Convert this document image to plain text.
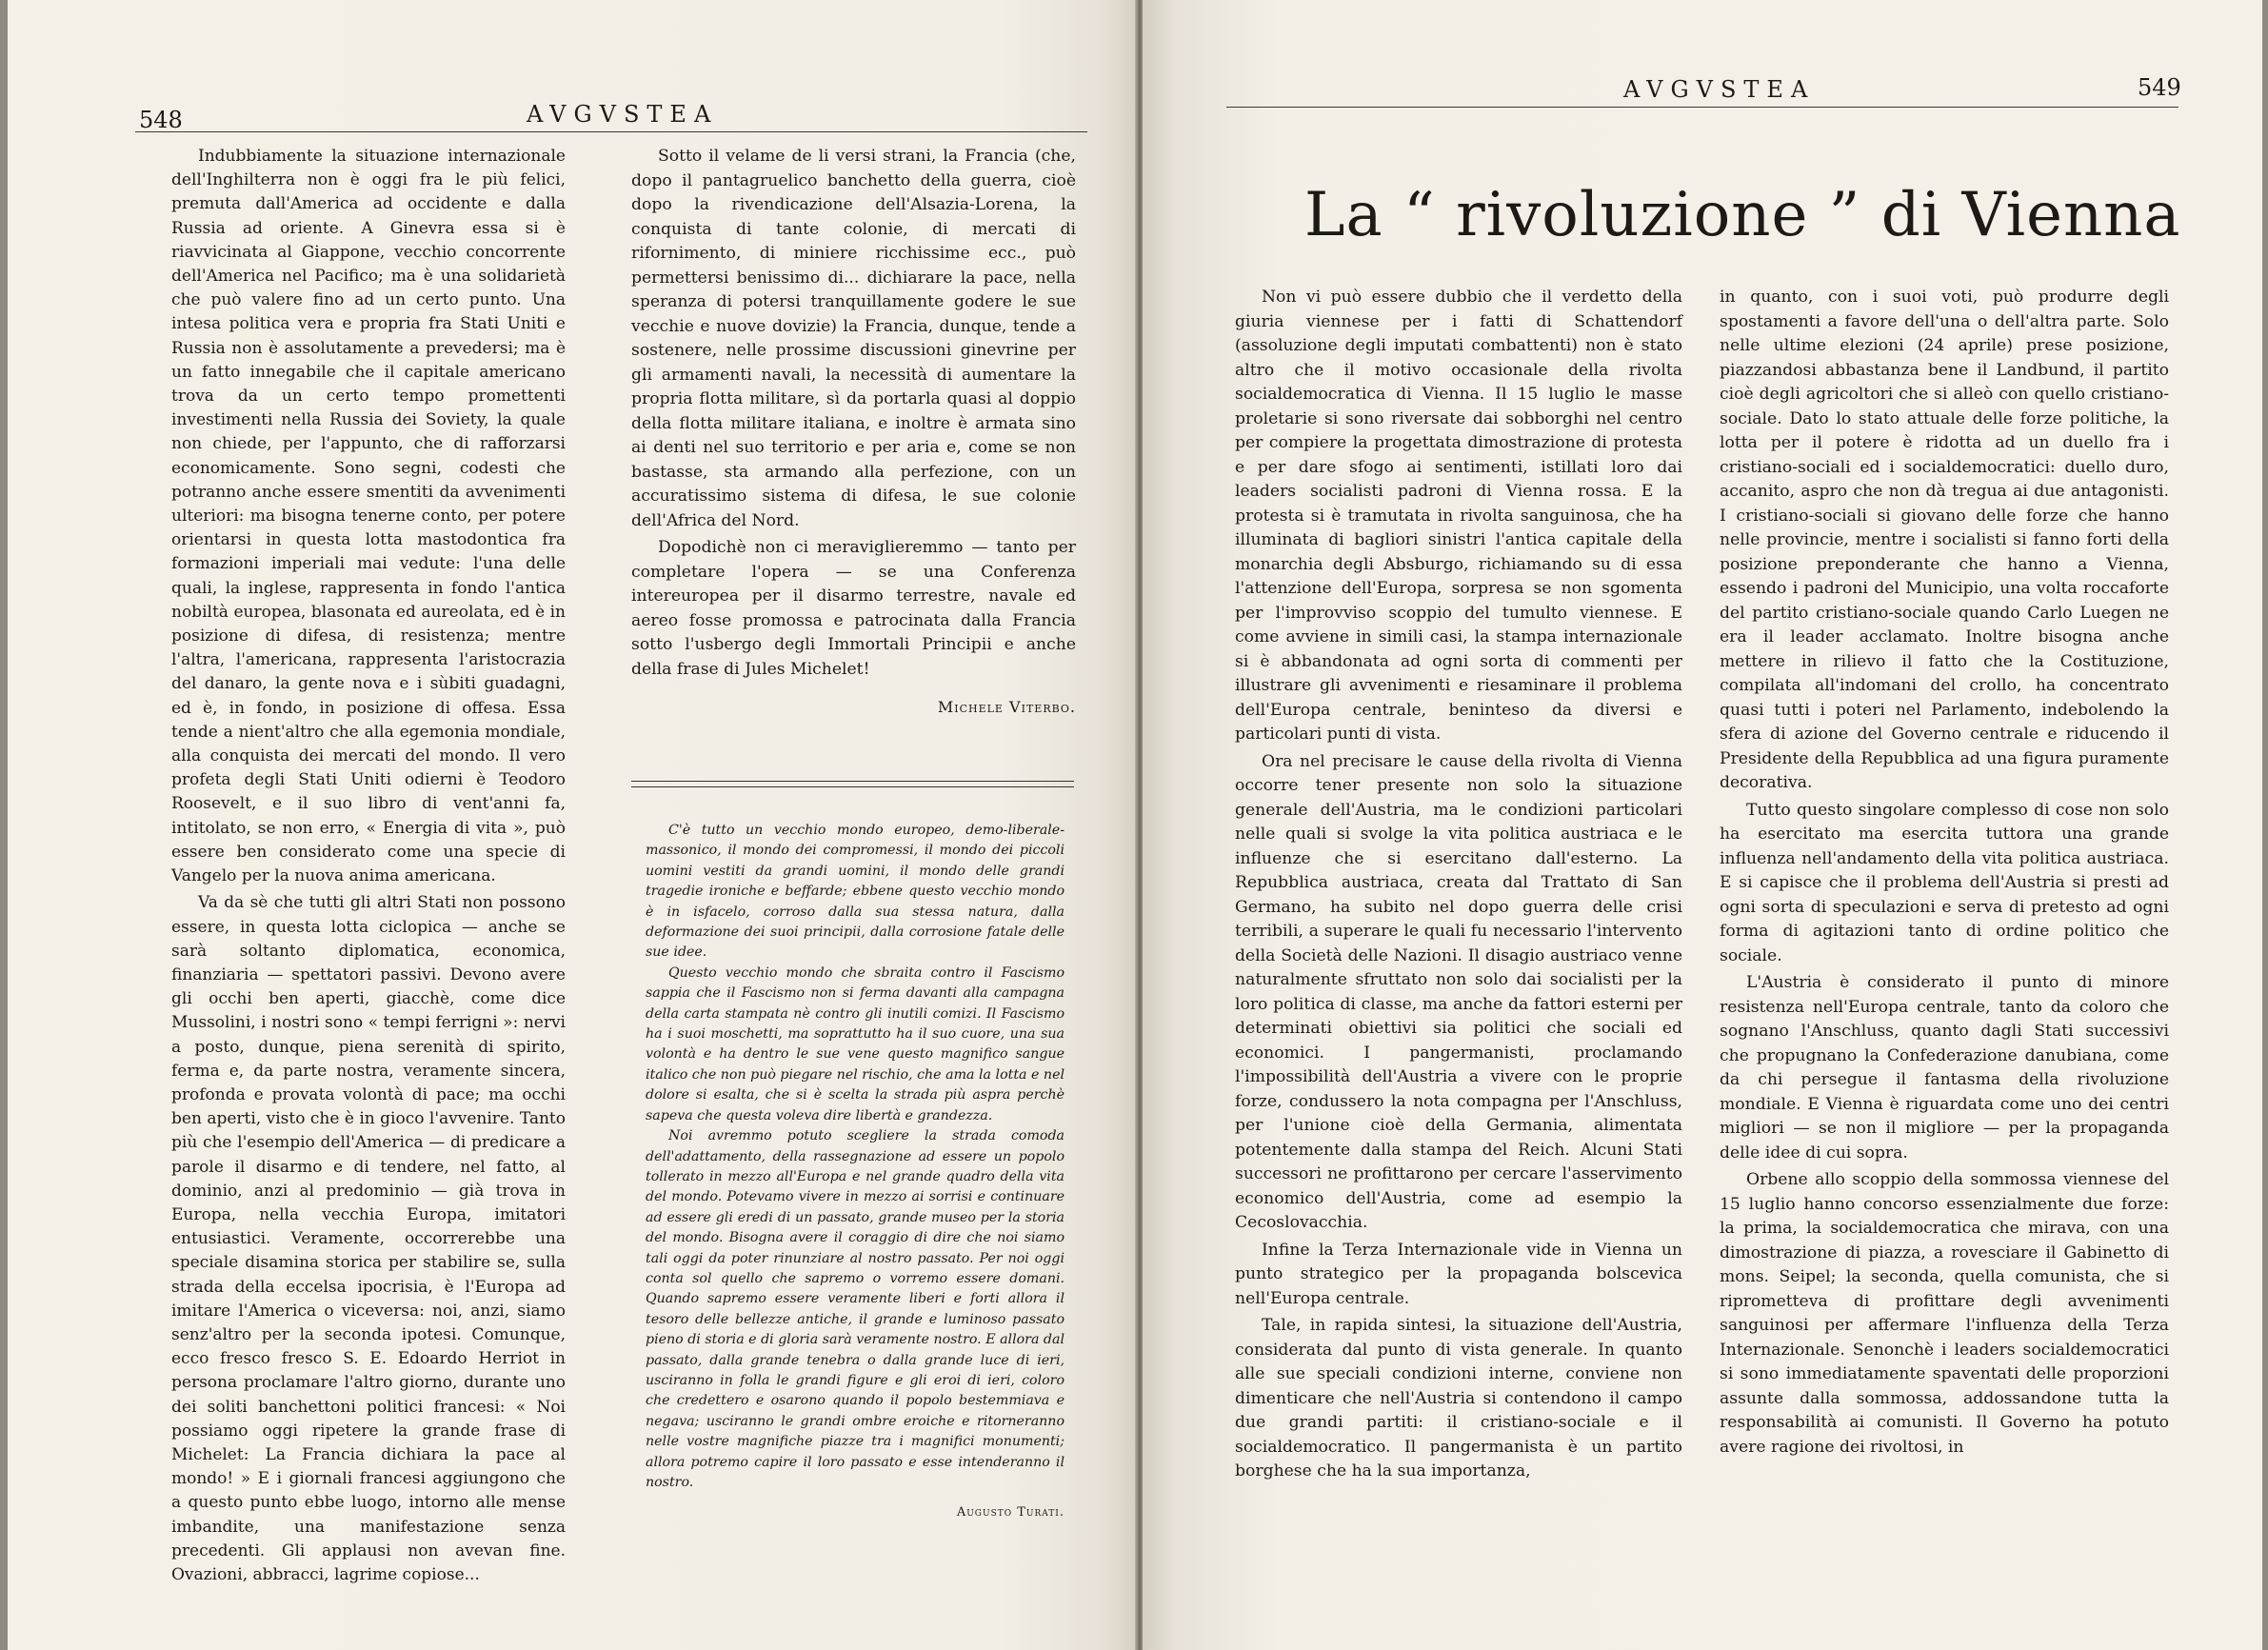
548	AVGVSTEA

Indubbiamente la situazione internazionale dell'Inghilterra non è oggi fra le più felici, premuta dall'America ad occidente e dalla Russia ad oriente. A Ginevra essa si è riavvicinata al Giappone, vecchio concorrente dell'America nel Pacifico; ma è una solidarietà che può valere fino ad un certo punto. Una intesa politica vera e propria fra Stati Uniti e Russia non è assolutamente a prevedersi; ma è un fatto innegabile che il capitale americano trova da un certo tempo promettenti investimenti nella Russia dei Soviety, la quale non chiede, per l'appunto, che di rafforzarsi economicamente. Sono segni, codesti che potranno anche essere smentiti da avvenimenti ulteriori: ma bisogna tenerne conto, per potere orientarsi in questa lotta mastodontica fra formazioni imperiali mai vedute: l'una delle quali, la inglese, rappresenta in fondo l'antica nobiltà europea, blasonata ed aureolata, ed è in posizione di difesa, di resistenza; mentre l'altra, l'americana, rappresenta l'aristocrazia del danaro, la gente nova e i sùbiti guadagni, ed è, in fondo, in posizione di offesa. Essa tende a nient'altro che alla egemonia mondiale, alla conquista dei mercati del mondo. Il vero profeta degli Stati Uniti odierni è Teodoro Roosevelt, e il suo libro di vent'anni fa, intitolato, se non erro, « Energia di vita », può essere ben considerato come una specie di Vangelo per la nuova anima americana.

Va da sè che tutti gli altri Stati non possono essere, in questa lotta ciclopica — anche se sarà soltanto diplomatica, economica, finanziaria — spettatori passivi. Devono avere gli occhi ben aperti, giacchè, come dice Mussolini, i nostri sono « tempi ferrigni »: nervi a posto, dunque, piena serenità di spirito, ferma e, da parte nostra, veramente sincera, profonda e provata volontà di pace; ma occhi ben aperti, visto che è in gioco l'avvenire. Tanto più che l'esempio dell'America — di predicare a parole il disarmo e di tendere, nel fatto, al dominio, anzi al predominio — già trova in Europa, nella vecchia Europa, imitatori entusiastici. Veramente, occorrerebbe una speciale disamina storica per stabilire se, sulla strada della eccelsa ipocrisia, è l'Europa ad imitare l'America o viceversa: noi, anzi, siamo senz'altro per la seconda ipotesi. Comunque, ecco fresco fresco S. E. Edoardo Herriot in persona proclamare l'altro giorno, durante uno dei soliti banchettoni politici francesi: « Noi possiamo oggi ripetere la grande frase di Michelet: La Francia dichiara la pace al mondo! » E i giornali francesi aggiungono che a questo punto ebbe luogo, intorno alle mense imbandite, una manifestazione senza precedenti. Gli applausi non avevan fine. Ovazioni, abbracci, lagrime copiose...

Sotto il velame de li versi strani, la Francia (che, dopo il pantagruelico banchetto della guerra, cioè dopo la rivendicazione dell'Alsazia-Lorena, la conquista di tante colonie, di mercati di rifornimento, di miniere ricchissime ecc., può permettersi benissimo di... dichiarare la pace, nella speranza di potersi tranquillamente godere le sue vecchie e nuove dovizie) la Francia, dunque, tende a sostenere, nelle prossime discussioni ginevrine per gli armamenti navali, la necessità di aumentare la propria flotta militare, sì da portarla quasi al doppio della flotta militare italiana, e inoltre è armata sino ai denti nel suo territorio e per aria e, come se non bastasse, sta armando alla perfezione, con un accuratissimo sistema di difesa, le sue colonie dell'Africa del Nord.

Dopodichè non ci meraviglieremmo — tanto per completare l'opera — se una Conferenza intereuropea per il disarmo terrestre, navale ed aereo fosse promossa e patrocinata dalla Francia sotto l'usbergo degli Immortali Principii e anche della frase di Jules Michelet!

Michele Viterbo.

C'è tutto un vecchio mondo europeo, demo-liberale-massonico, il mondo dei compromessi, il mondo dei piccoli uomini vestiti da grandi uomini, il mondo delle grandi tragedie ironiche e beffarde; ebbene questo vecchio mondo è in isfacelo, corroso dalla sua stessa natura, dalla deformazione dei suoi principii, dalla corrosione fatale delle sue idee.

Questo vecchio mondo che sbraita contro il Fascismo sappia che il Fascismo non si ferma davanti alla campagna della carta stampata nè contro gli inutili comizi. Il Fascismo ha i suoi moschetti, ma soprattutto ha il suo cuore, una sua volontà e ha dentro le sue vene questo magnifico sangue italico che non può piegare nel rischio, che ama la lotta e nel dolore si esalta, che si è scelta la strada più aspra perchè sapeva che questa voleva dire libertà e grandezza.

Noi avremmo potuto scegliere la strada comoda dell'adattamento, della rassegnazione ad essere un popolo tollerato in mezzo all'Europa e nel grande quadro della vita del mondo. Potevamo vivere in mezzo ai sorrisi e continuare ad essere gli eredi di un passato, grande museo per la storia del mondo. Bisogna avere il coraggio di dire che noi siamo tali oggi da poter rinunziare al nostro passato. Per noi oggi conta sol quello che sapremo o vorremo essere domani. Quando sapremo essere veramente liberi e forti allora il tesoro delle bellezze antiche, il grande e luminoso passato pieno di storia e di gloria sarà veramente nostro. E allora dal passato, dalla grande tenebra o dalla grande luce di ieri, usciranno in folla le grandi figure e gli eroi di ieri, coloro che credettero e osarono quando il popolo bestemmiava e negava; usciranno le grandi ombre eroiche e ritorneranno nelle vostre magnifiche piazze tra i magnifici monumenti; allora potremo capire il loro passato e esse intenderanno il nostro.

Augusto Turati.
AVGVSTEA	549

Non vi può essere dubbio che il verdetto della giuria viennese per i fatti di Schattendorf (assoluzione degli imputati combattenti) non è stato altro che il motivo occasionale della rivolta socialdemocratica di Vienna. Il 15 luglio le masse proletarie si sono riversate dai sobborghi nel centro per compiere la progettata dimostrazione di protesta e per dare sfogo ai sentimenti, istillati loro dai leaders socialisti padroni di Vienna rossa. E la protesta si è tramutata in rivolta sanguinosa, che ha illuminata di bagliori sinistri l'antica capitale della monarchia degli Absburgo, richiamando su di essa l'attenzione dell'Europa, sorpresa se non sgomenta per l'improvviso scoppio del tumulto viennese. E come avviene in simili casi, la stampa internazionale si è abbandonata ad ogni sorta di commenti per illustrare gli avvenimenti e riesaminare il problema dell'Europa centrale, beninteso da diversi e particolari punti di vista.

Ora nel precisare le cause della rivolta di Vienna occorre tener presente non solo la situazione generale dell'Austria, ma le condizioni particolari nelle quali si svolge la vita politica austriaca e le influenze che si esercitano dall'esterno. La Repubblica austriaca, creata dal Trattato di San Germano, ha subito nel dopo guerra delle crisi terribili, a superare le quali fu necessario l'intervento della Società delle Nazioni. Il disagio austriaco venne naturalmente sfruttato non solo dai socialisti per la loro politica di classe, ma anche da fattori esterni per determinati obiettivi sia politici che sociali ed economici. I pangermanisti, proclamando l'impossibilità dell'Austria a vivere con le proprie forze, condussero la nota compagna per l'Anschluss, per l'unione cioè della Germania, alimentata potentemente dalla stampa del Reich. Alcuni Stati successori ne profittarono per cercare l'asservimento economico dell'Austria, come ad esempio la Cecoslovacchia.

Infine la Terza Internazionale vide in Vienna un punto strategico per la propaganda bolscevica nell'Europa centrale.

Tale, in rapida sintesi, la situazione dell'Austria, considerata dal punto di vista generale. In quanto alle sue speciali condizioni interne, conviene non dimenticare che nell'Austria si contendono il campo due grandi partiti: il cristiano-sociale e il socialdemocratico. Il pangermanista è un partito borghese che ha la sua importanza,

in quanto, con i suoi voti, può produrre degli spostamenti a favore dell'una o dell'altra parte. Solo nelle ultime elezioni (24 aprile) prese posizione, piazzandosi abbastanza bene il Landbund, il partito cioè degli agricoltori che si alleò con quello cristiano-sociale. Dato lo stato attuale delle forze politiche, la lotta per il potere è ridotta ad un duello fra i cristiano-sociali ed i socialdemocratici: duello duro, accanito, aspro che non dà tregua ai due antagonisti. I cristiano-sociali si giovano delle forze che hanno nelle provincie, mentre i socialisti si fanno forti della posizione preponderante che hanno a Vienna, essendo i padroni del Municipio, una volta roccaforte del partito cristiano-sociale quando Carlo Luegen ne era il leader acclamato. Inoltre bisogna anche mettere in rilievo il fatto che la Costituzione, compilata all'indomani del crollo, ha concentrato quasi tutti i poteri nel Parlamento, indebolendo la sfera di azione del Governo centrale e riducendo il Presidente della Repubblica ad una figura puramente decorativa.

Tutto questo singolare complesso di cose non solo ha esercitato ma esercita tuttora una grande influenza nell'andamento della vita politica austriaca. E si capisce che il problema dell'Austria si presti ad ogni sorta di speculazioni e serva di pretesto ad ogni forma di agitazioni tanto di ordine politico che sociale.

L'Austria è considerato il punto di minore resistenza nell'Europa centrale, tanto da coloro che sognano l'Anschluss, quanto dagli Stati successivi che propugnano la Confederazione danubiana, come da chi persegue il fantasma della rivoluzione mondiale. E Vienna è riguardata come uno dei centri migliori — se non il migliore — per la propaganda delle idee di cui sopra.

Orbene allo scoppio della sommossa viennese del 15 luglio hanno concorso essenzialmente due forze: la prima, la socialdemocratica che mirava, con una dimostrazione di piazza, a rovesciare il Gabinetto di mons. Seipel; la seconda, quella comunista, che si riprometteva di profittare degli avvenimenti sanguinosi per affermare l'influenza della Terza Internazionale. Senonchè i leaders socialdemocratici si sono immediatamente spaventati delle proporzioni assunte dalla sommossa, addossandone tutta la responsabilità ai comunisti. Il Governo ha potuto avere ragione dei rivoltosi, in

La “ rivoluzione ” di Vienna
